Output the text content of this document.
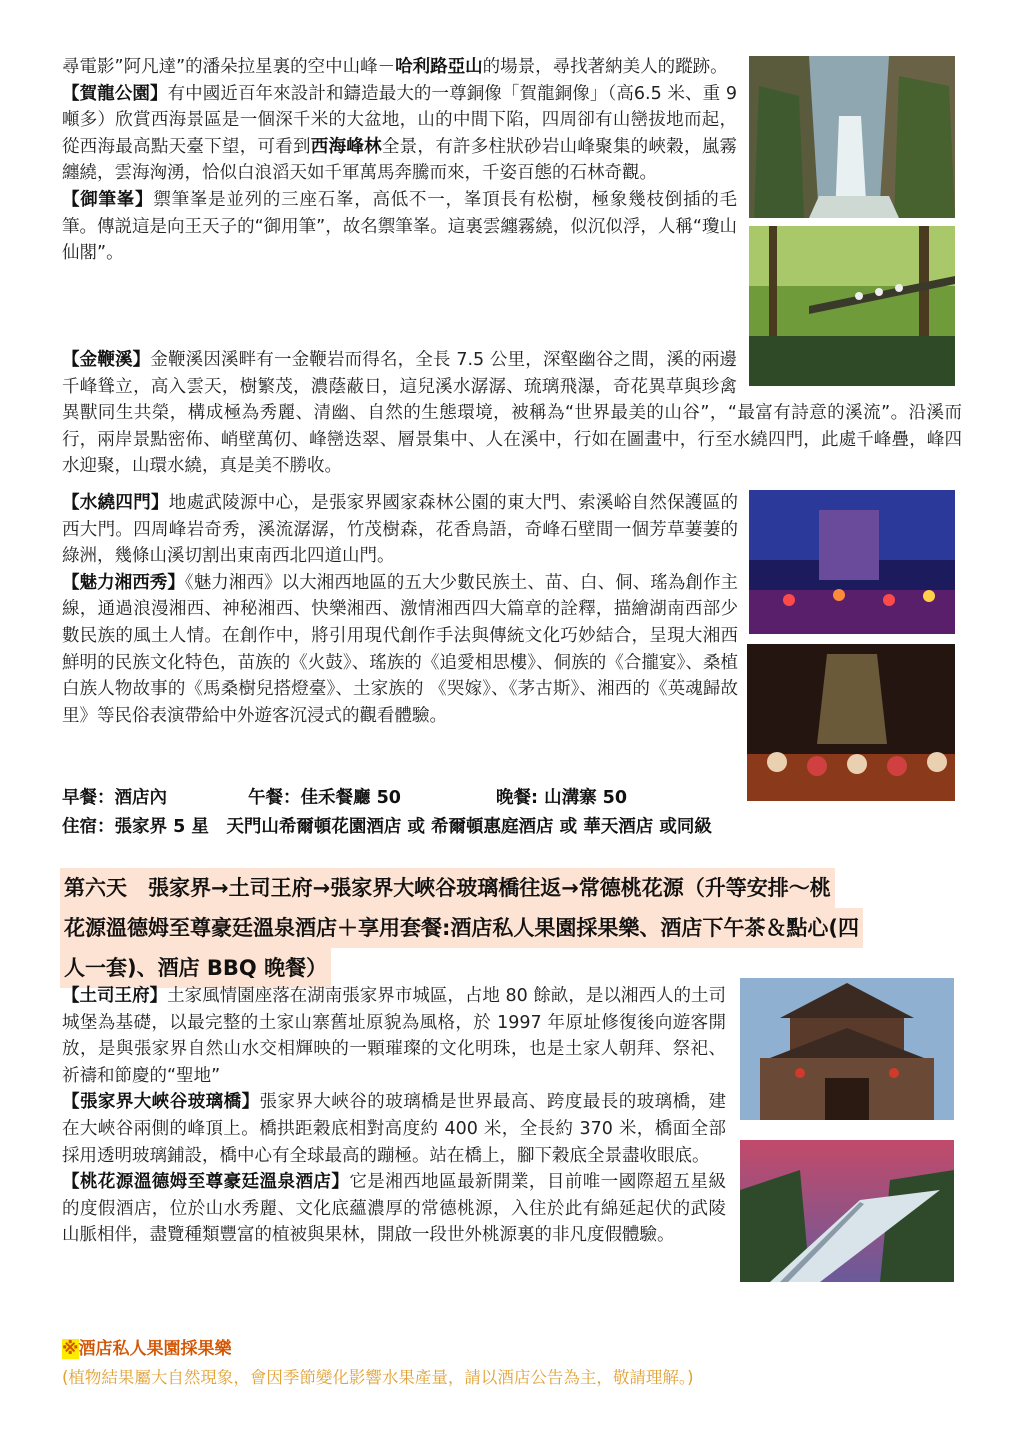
尋電影”阿凡達”的潘朵拉星裏的空中山峰－哈利路亞山的場景，尋找著納美人的蹤跡。

【賀龍公園】有中國近百年來設計和鑄造最大的一尊銅像「賀龍銅像」（高6.5 米、重 9 噸多）欣賞西海景區是一個深千米的大盆地，山的中間下陷，四周卻有山巒拔地而起，從西海最高點天臺下望，可看到西海峰林全景，有許多柱狀砂岩山峰聚集的峽穀，嵐霧纏繞，雲海洶湧，恰似白浪滔天如千軍萬馬奔騰而來，千姿百態的石林奇觀。

【御筆峯】禦筆峯是並列的三座石峯，高低不一，峯頂長有松樹，極象幾枝倒插的毛筆。傳説這是向王天子的“御用筆”，故名禦筆峯。這裏雲纏霧繞，似沉似浮，人稱“瓊山仙閣”。

【金鞭溪】金鞭溪因溪畔有一金鞭岩而得名，全長 7.5 公里，深壑幽谷之間，溪的兩邊千峰聳立，高入雲天，樹繁茂，濃蔭蔽日，這兒溪水潺潺、琉璃飛瀑，奇花異草與珍禽異獸同生共榮，構成極為秀麗、清幽、自然的生態環境，被稱為“世界最美的山谷”，“最富有詩意的溪流”。沿溪而行，兩岸景點密佈、峭壁萬仞、峰巒迭翠、層景集中、人在溪中，行如在圖畫中，行至水繞四門，此處千峰疊，峰四水迎聚，山環水繞，真是美不勝收。

【水繞四門】地處武陵源中心，是張家界國家森林公園的東大門、索溪峪自然保護區的西大門。四周峰岩奇秀，溪流潺潺，竹茂樹森，花香鳥語，奇峰石壁間一個芳草萋萋的綠洲，幾條山溪切割出東南西北四道山門。

【魅力湘西秀】《魅力湘西》以大湘西地區的五大少數民族土、苗、白、侗、瑤為創作主線，通過浪漫湘西、神秘湘西、快樂湘西、激情湘西四大篇章的詮釋，描繪湖南西部少數民族的風土人情。在創作中，將引用現代創作手法與傳統文化巧妙結合，呈現大湘西鮮明的民族文化特色，苗族的《火鼓》、瑤族的《追愛相思樓》、侗族的《合攏宴》、桑植白族人物故事的《馬桑樹兒搭燈臺》、土家族的 《哭嫁》、《茅古斯》、湘西的《英魂歸故里》等民俗表演帶給中外遊客沉浸式的觀看體驗。

早餐：酒店內	午餐：佳禾餐廳 50	晚餐: 山溝寨 50
住宿：張家界 5 星　天門山希爾頓花園酒店 或 希爾頓惠庭酒店 或 華天酒店 或同級
第六天　張家界→土司王府→張家界大峽谷玻璃橋往返→常德桃花源（升等安排～桃
花源溫德姆至尊豪廷溫泉酒店＋享用套餐:酒店私人果園採果樂、酒店下午茶＆點心(四
人一套)、酒店 BBQ 晚餐）

【土司王府】土家風情園座落在湖南張家界市城區，占地 80 餘畝，是以湘西人的土司城堡為基礎，以最完整的土家山寨舊址原貌為風格，於 1997 年原址修復後向遊客開放，是與張家界自然山水交相輝映的一顆璀璨的文化明珠，也是土家人朝拜、祭祀、祈禱和節慶的“聖地”

【張家界大峽谷玻璃橋】張家界大峽谷的玻璃橋是世界最高、跨度最長的玻璃橋，建在大峽谷兩側的峰頂上。橋拱距穀底相對高度約 400 米，全長約 370 米，橋面全部採用透明玻璃鋪設，橋中心有全球最高的蹦極。站在橋上，腳下穀底全景盡收眼底。

【桃花源溫德姆至尊豪廷溫泉酒店】它是湘西地區最新開業，目前唯一國際超五星級的度假酒店，位於山水秀麗、文化底蘊濃厚的常德桃源，入住於此有綿延起伏的武陵山脈相伴，盡覽種類豐富的植被與果林，開啟一段世外桃源裏的非凡度假體驗。

※酒店私人果園採果樂
(植物結果屬大自然現象，會因季節變化影響水果產量，請以酒店公告為主，敬請理解。)
